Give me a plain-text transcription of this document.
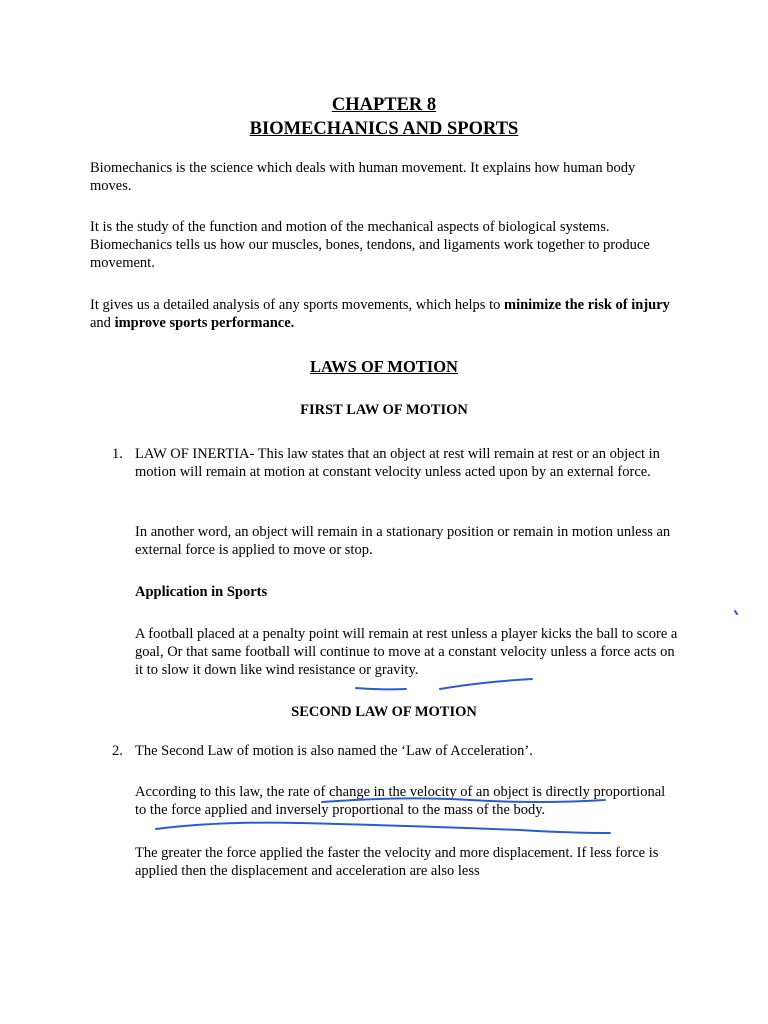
CHAPTER 8
BIOMECHANICS AND SPORTS
Biomechanics is the science which deals with human movement. It explains how human body moves.
It is the study of the function and motion of the mechanical aspects of biological systems. Biomechanics tells us how our muscles, bones, tendons, and ligaments work together to produce movement.
It gives us a detailed analysis of any sports movements, which helps to minimize the risk of injury and improve sports performance.
LAWS OF MOTION
FIRST LAW OF MOTION
1. LAW OF INERTIA- This law states that an object at rest will remain at rest or an object in motion will remain at motion at constant velocity unless acted upon by an external force.
In another word, an object will remain in a stationary position or remain in motion unless an external force is applied to move or stop.
Application in Sports
A football placed at a penalty point will remain at rest unless a player kicks the ball to score a goal, Or that same football will continue to move at a constant velocity unless a force acts on it to slow it down like wind resistance or gravity.
SECOND LAW OF MOTION
2. The Second Law of motion is also named the ‘Law of Acceleration’.
According to this law, the rate of change in the velocity of an object is directly proportional to the force applied and inversely proportional to the mass of the body.
The greater the force applied the faster the velocity and more displacement. If less force is applied then the displacement and acceleration are also less
